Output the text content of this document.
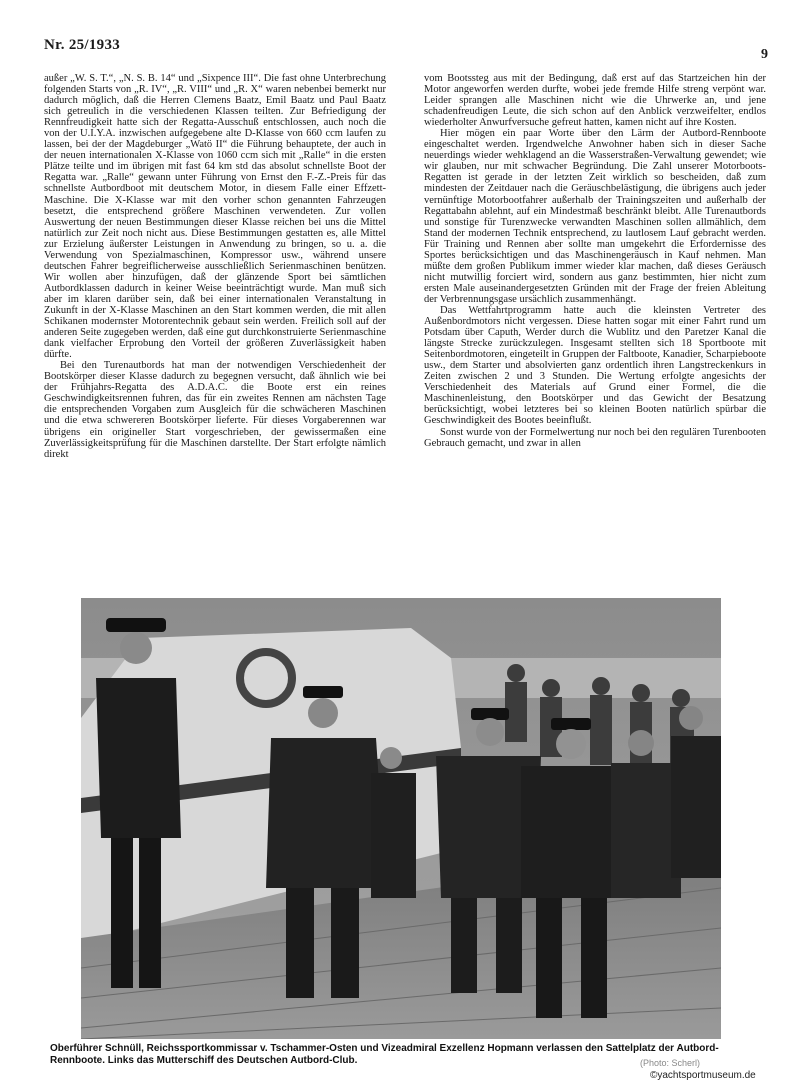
Nr. 25/1933
9

außer „W. S. T.“, „N. S. B. 14“ und „Sixpence III“. Die fast ohne Unterbrechung folgenden Starts von „R. IV“, „R. VIII“ und „R. X“ waren nebenbei bemerkt nur dadurch möglich, daß die Herren Clemens Baatz, Emil Baatz und Paul Baatz sich getreulich in die verschiedenen Klassen teilten. Zur Befriedigung der Rennfreudigkeit hatte sich der Regatta-Ausschuß entschlossen, auch noch die von der U.I.Y.A. inzwischen aufgegebene alte D-Klasse von 660 ccm laufen zu lassen, bei der der Magdeburger „Watö II“ die Führung behauptete, der auch in der neuen internationalen X-Klasse von 1060 ccm sich mit „Ralle“ in die ersten Plätze teilte und im übrigen mit fast 64 km std das absolut schnellste Boot der Regatta war. „Ralle“ gewann unter Führung von Ernst den F.-Z.-Preis für das schnellste Autbordboot mit deutschem Motor, in diesem Falle einer Effzett-Maschine. Die X-Klasse war mit den vorher schon genannten Fahrzeugen besetzt, die entsprechend größere Maschinen verwendeten. Zur vollen Auswertung der neuen Bestimmungen dieser Klasse reichen bei uns die Mittel natürlich zur Zeit noch nicht aus. Diese Bestimmungen gestatten es, alle Mittel zur Erzielung äußerster Leistungen in Anwendung zu bringen, so u. a. die Verwendung von Spezialmaschinen, Kompressor usw., während unsere deutschen Fahrer begreiflicherweise ausschließlich Serienmaschinen benützen. Wir wollen aber hinzufügen, daß der glänzende Sport bei sämtlichen Autbordklassen dadurch in keiner Weise beeinträchtigt wurde. Man muß sich aber im klaren darüber sein, daß bei einer internationalen Veranstaltung in Zukunft in der X-Klasse Maschinen an den Start kommen werden, die mit allen Schikanen modernster Motorentechnik gebaut sein werden. Freilich soll auf der anderen Seite zugegeben werden, daß eine gut durchkonstruierte Serienmaschine dank vielfacher Erprobung den Vorteil der größeren Zuverlässigkeit haben dürfte.

Bei den Turenautbords hat man der notwendigen Verschiedenheit der Bootskörper dieser Klasse dadurch zu begegnen versucht, daß ähnlich wie bei der Frühjahrs-Regatta des A.D.A.C. die Boote erst ein reines Geschwindigkeitsrennen fuhren, das für ein zweites Rennen am nächsten Tage die entsprechenden Vorgaben zum Ausgleich für die schwächeren Maschinen und die etwa schwereren Bootskörper lieferte. Für dieses Vorgaberennen war übrigens ein origineller Start vorgeschrieben, der gewissermaßen eine Zuverlässigkeitsprüfung für die Maschinen darstellte. Der Start erfolgte nämlich direkt

vom Bootssteg aus mit der Bedingung, daß erst auf das Startzeichen hin der Motor angeworfen werden durfte, wobei jede fremde Hilfe streng verpönt war. Leider sprangen alle Maschinen nicht wie die Uhrwerke an, und jene schadenfreudigen Leute, die sich schon auf den Anblick verzweifelter, endlos wiederholter Anwurfversuche gefreut hatten, kamen nicht auf ihre Kosten.

Hier mögen ein paar Worte über den Lärm der Autbord-Rennboote eingeschaltet werden. Irgendwelche Anwohner haben sich in dieser Sache neuerdings wieder wehklagend an die Wasserstraßen-Verwaltung gewendet; wie wir glauben, nur mit schwacher Begründung. Die Zahl unserer Motorboots-Regatten ist gerade in der letzten Zeit wirklich so bescheiden, daß zum mindesten der Zeitdauer nach die Geräuschbelästigung, die übrigens auch jeder vernünftige Motorbootfahrer außerhalb der Trainingszeiten und außerhalb der Regattabahn ablehnt, auf ein Mindestmaß beschränkt bleibt. Alle Turenautbords und sonstige für Turenzwecke verwandten Maschinen sollen allmählich, dem Stand der modernen Technik entsprechend, zu lautlosem Lauf gebracht werden. Für Training und Rennen aber sollte man umgekehrt die Erfordernisse des Sportes berücksichtigen und das Maschinengeräusch in Kauf nehmen. Man müßte dem großen Publikum immer wieder klar machen, daß dieses Geräusch nicht mutwillig forciert wird, sondern aus ganz bestimmten, hier nicht zum ersten Male auseinandergesetzten Gründen mit der Frage der freien Ableitung der Verbrennungsgase ursächlich zusammenhängt.

Das Wettfahrtprogramm hatte auch die kleinsten Vertreter des Außenbordmotors nicht vergessen. Diese hatten sogar mit einer Fahrt rund um Potsdam über Caputh, Werder durch die Wublitz und den Paretzer Kanal die längste Strecke zurückzulegen. Insgesamt stellten sich 18 Sportboote mit Seitenbordmotoren, eingeteilt in Gruppen der Faltboote, Kanadier, Scharpieboote usw., dem Starter und absolvierten ganz ordentlich ihren Langstreckenkurs in Zeiten zwischen 2 und 3 Stunden. Die Wertung erfolgte angesichts der Verschiedenheit des Materials auf Grund einer Formel, die die Maschinenleistung, den Bootskörper und das Gewicht der Besatzung berücksichtigt, wobei letzteres bei so kleinen Booten natürlich spürbar die Geschwindigkeit des Bootes beeinflußt.

Sonst wurde von der Formelwertung nur noch bei den regulären Turenbooten Gebrauch gemacht, und zwar in allen

Oberführer Schnüll, Reichssportkommissar v. Tschammer-Osten und Vizeadmiral Exzellenz Hopmann verlassen den Sattelplatz der Autbord-Rennboote. Links das Mutterschiff des Deutschen Autbord-Club.	(Photo: Scherl)
©yachtsportmuseum.de
